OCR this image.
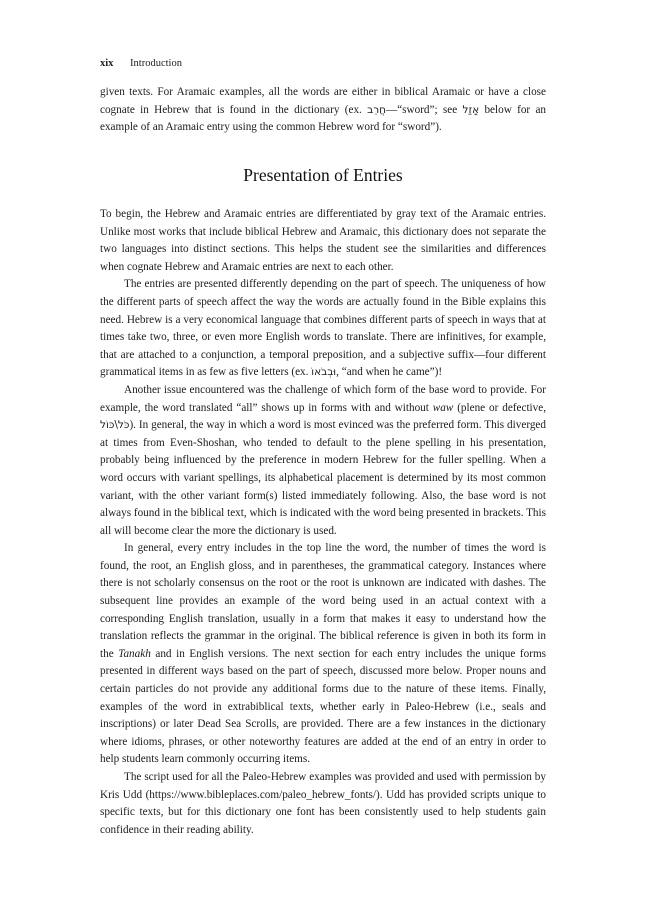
xix Introduction

given texts. For Aramaic examples, all the words are either in biblical Aramaic or have a close cognate in Hebrew that is found in the dictionary (ex. חֲרֵב—“sword”; see אָזַל below for an example of an Aramaic entry using the common Hebrew word for “sword”).

Presentation of Entries

To begin, the Hebrew and Aramaic entries are differentiated by gray text of the Aramaic entries. Unlike most works that include biblical Hebrew and Aramaic, this dictionary does not separate the two languages into distinct sections. This helps the student see the similarities and differences when cognate Hebrew and Aramaic entries are next to each other.

The entries are presented differently depending on the part of speech. The uniqueness of how the different parts of speech affect the way the words are actually found in the Bible explains this need. Hebrew is a very economical language that combines different parts of speech in ways that at times take two, three, or even more English words to translate. There are infinitives, for example, that are attached to a conjunction, a temporal preposition, and a subjective suffix—four different grammatical items in as few as five letters (ex. וּבְבֹאוֹ, “and when he came”)!

Another issue encountered was the challenge of which form of the base word to provide. For example, the word translated “all” shows up in forms with and without waw (plene or defective, כֹּל\כּוֹל). In general, the way in which a word is most evinced was the preferred form. This diverged at times from Even-Shoshan, who tended to default to the plene spelling in his presentation, probably being influenced by the preference in modern Hebrew for the fuller spelling. When a word occurs with variant spellings, its alphabetical placement is determined by its most common variant, with the other variant form(s) listed immediately following. Also, the base word is not always found in the biblical text, which is indicated with the word being presented in brackets. This all will become clear the more the dictionary is used.

In general, every entry includes in the top line the word, the number of times the word is found, the root, an English gloss, and in parentheses, the grammatical category. Instances where there is not scholarly consensus on the root or the root is unknown are indicated with dashes. The subsequent line provides an example of the word being used in an actual context with a corresponding English translation, usually in a form that makes it easy to understand how the translation reflects the grammar in the original. The biblical reference is given in both its form in the Tanakh and in English versions. The next section for each entry includes the unique forms presented in different ways based on the part of speech, discussed more below. Proper nouns and certain particles do not provide any additional forms due to the nature of these items. Finally, examples of the word in extrabiblical texts, whether early in Paleo-Hebrew (i.e., seals and inscriptions) or later Dead Sea Scrolls, are provided. There are a few instances in the dictionary where idioms, phrases, or other noteworthy features are added at the end of an entry in order to help students learn commonly occurring items.

The script used for all the Paleo-Hebrew examples was provided and used with permission by Kris Udd (https://www.bibleplaces.com/paleo_hebrew_fonts/). Udd has provided scripts unique to specific texts, but for this dictionary one font has been consistently used to help students gain confidence in their reading ability.
